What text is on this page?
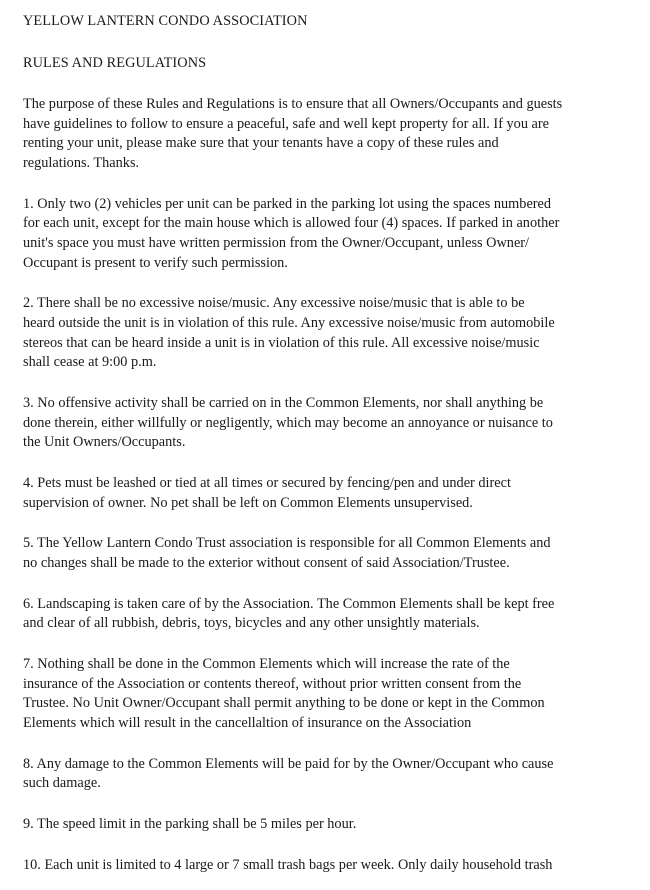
YELLOW LANTERN CONDO ASSOCIATION
RULES AND REGULATIONS
The purpose of these Rules and Regulations is to ensure that all Owners/Occupants and guests
have guidelines to follow to ensure a peaceful, safe and well kept property for all. If you are
renting your unit, please make sure that your tenants have a copy of these rules and
regulations. Thanks.
1. Only two (2) vehicles per unit can be parked in the parking lot using the spaces numbered
for each unit, except for the main house which is allowed four (4) spaces. If parked in another
unit's space you must have written permission from the Owner/Occupant, unless Owner/
Occupant is present to verify such permission.
2. There shall be no excessive noise/music. Any excessive noise/music that is able to be
heard outside the unit is in violation of this rule. Any excessive noise/music from automobile
stereos that can be heard inside a unit is in violation of this rule. All excessive noise/music
shall cease at 9:00 p.m.
3. No offensive activity shall be carried on in the Common Elements, nor shall anything be
done therein, either willfully or negligently, which may become an annoyance or nuisance to
the Unit Owners/Occupants.
4. Pets must be leashed or tied at all times or secured by fencing/pen and under direct
supervision of owner. No pet shall be left on Common Elements unsupervised.
5. The Yellow Lantern Condo Trust association is responsible for all Common Elements and
no changes shall be made to the exterior without consent of said Association/Trustee.
6. Landscaping is taken care of by the Association. The Common Elements shall be kept free
and clear of all rubbish, debris, toys, bicycles and any other unsightly materials.
7. Nothing shall be done in the Common Elements which will increase the rate of the
insurance of the Association or contents thereof, without prior written consent from the
Trustee. No Unit Owner/Occupant shall permit anything to be done or kept in the Common
Elements which will result in the cancellaltion of insurance on the Association
8. Any damage to the Common Elements will be paid for by the Owner/Occupant who cause
such damage.
9. The speed limit in the parking shall be 5 miles per hour.
10. Each unit is limited to 4 large or 7 small trash bags per week. Only daily household trash
